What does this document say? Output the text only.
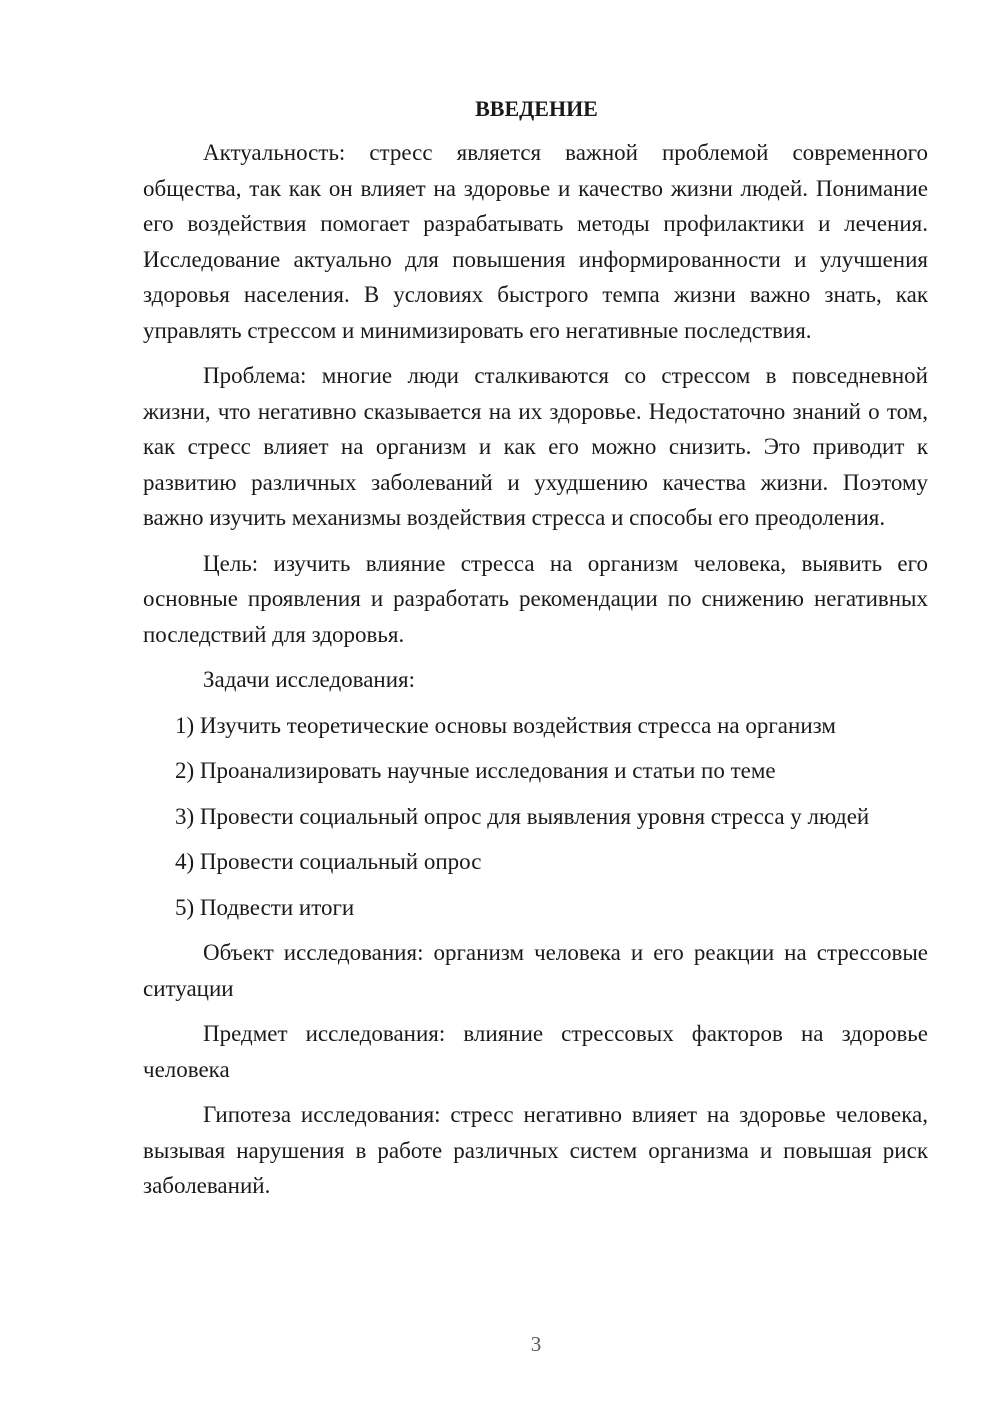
ВВЕДЕНИЕ

Актуальность: стресс является важной проблемой современного общества, так как он влияет на здоровье и качество жизни людей. Понимание его воздействия помогает разрабатывать методы профилактики и лечения. Исследование актуально для повышения информированности и улучшения здоровья населения. В условиях быстрого темпа жизни важно знать, как управлять стрессом и минимизировать его негативные последствия.

Проблема: многие люди сталкиваются со стрессом в повседневной жизни, что негативно сказывается на их здоровье. Недостаточно знаний о том, как стресс влияет на организм и как его можно снизить. Это приводит к развитию различных заболеваний и ухудшению качества жизни. Поэтому важно изучить механизмы воздействия стресса и способы его преодоления.

Цель: изучить влияние стресса на организм человека, выявить его основные проявления и разработать рекомендации по снижению негативных последствий для здоровья.

Задачи исследования:

1) Изучить теоретические основы воздействия стресса на организм

2) Проанализировать научные исследования и статьи по теме

3) Провести социальный опрос для выявления уровня стресса у людей

4) Провести социальный опрос

5) Подвести итоги

Объект исследования: организм человека и его реакции на стрессовые ситуации

Предмет исследования: влияние стрессовых факторов на здоровье человека

Гипотеза исследования: стресс негативно влияет на здоровье человека, вызывая нарушения в работе различных систем организма и повышая риск заболеваний.

3
